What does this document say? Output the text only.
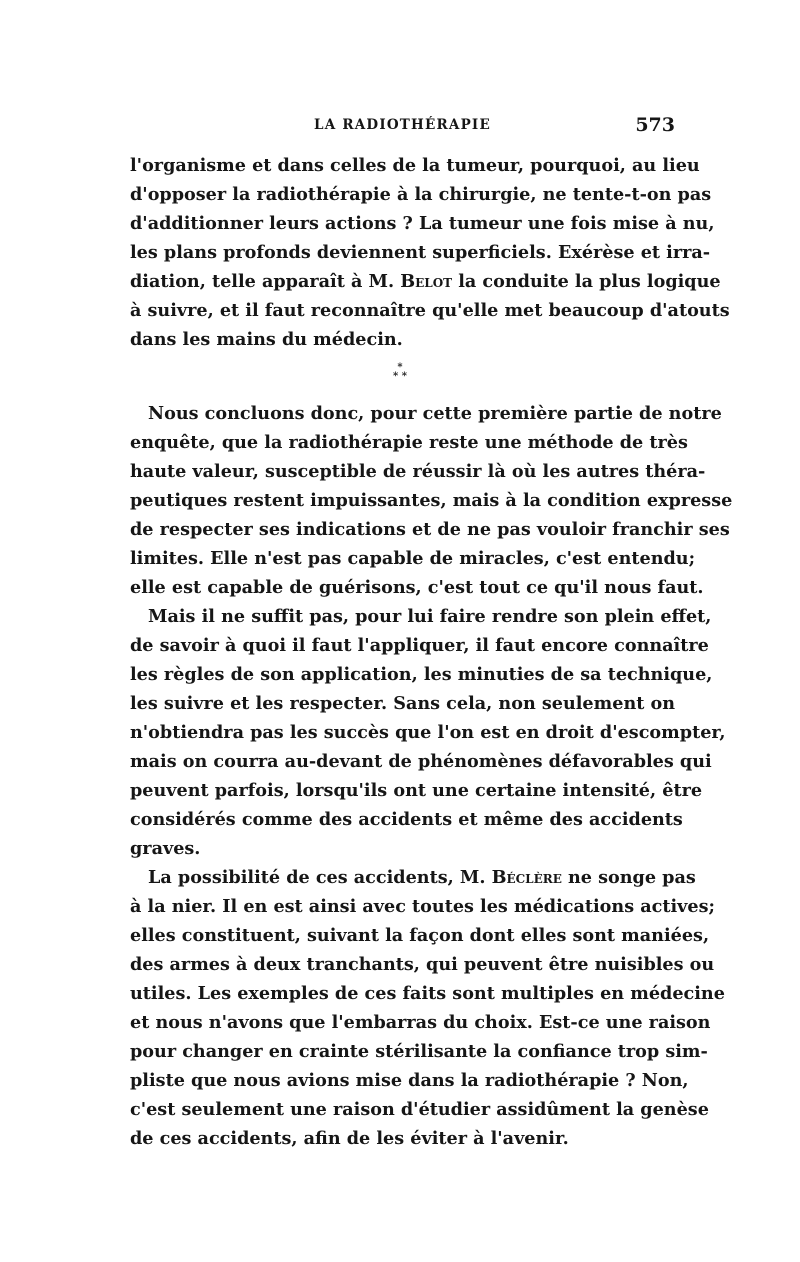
LA RADIOTHÉRAPIE	573
l'organisme et dans celles de la tumeur, pourquoi, au lieu
d'opposer la radiothérapie à la chirurgie, ne tente-t-on pas
d'additionner leurs actions ? La tumeur une fois mise à nu,
les plans profonds deviennent superficiels. Exérèse et irra-
diation, telle apparaît à M. Belot la conduite la plus logique
à suivre, et il faut reconnaître qu'elle met beaucoup d'atouts
dans les mains du médecin.
*
* *
Nous concluons donc, pour cette première partie de notre
enquête, que la radiothérapie reste une méthode de très
haute valeur, susceptible de réussir là où les autres théra-
peutiques restent impuissantes, mais à la condition expresse
de respecter ses indications et de ne pas vouloir franchir ses
limites. Elle n'est pas capable de miracles, c'est entendu;
elle est capable de guérisons, c'est tout ce qu'il nous faut.
Mais il ne suffit pas, pour lui faire rendre son plein effet,
de savoir à quoi il faut l'appliquer, il faut encore connaître
les règles de son application, les minuties de sa technique,
les suivre et les respecter. Sans cela, non seulement on
n'obtiendra pas les succès que l'on est en droit d'escompter,
mais on courra au-devant de phénomènes défavorables qui
peuvent parfois, lorsqu'ils ont une certaine intensité, être
considérés comme des accidents et même des accidents
graves.
La possibilité de ces accidents, M. Béclère ne songe pas
à la nier. Il en est ainsi avec toutes les médications actives;
elles constituent, suivant la façon dont elles sont maniées,
des armes à deux tranchants, qui peuvent être nuisibles ou
utiles. Les exemples de ces faits sont multiples en médecine
et nous n'avons que l'embarras du choix. Est-ce une raison
pour changer en crainte stérilisante la confiance trop sim-
pliste que nous avions mise dans la radiothérapie ? Non,
c'est seulement une raison d'étudier assidûment la genèse
de ces accidents, afin de les éviter à l'avenir.
